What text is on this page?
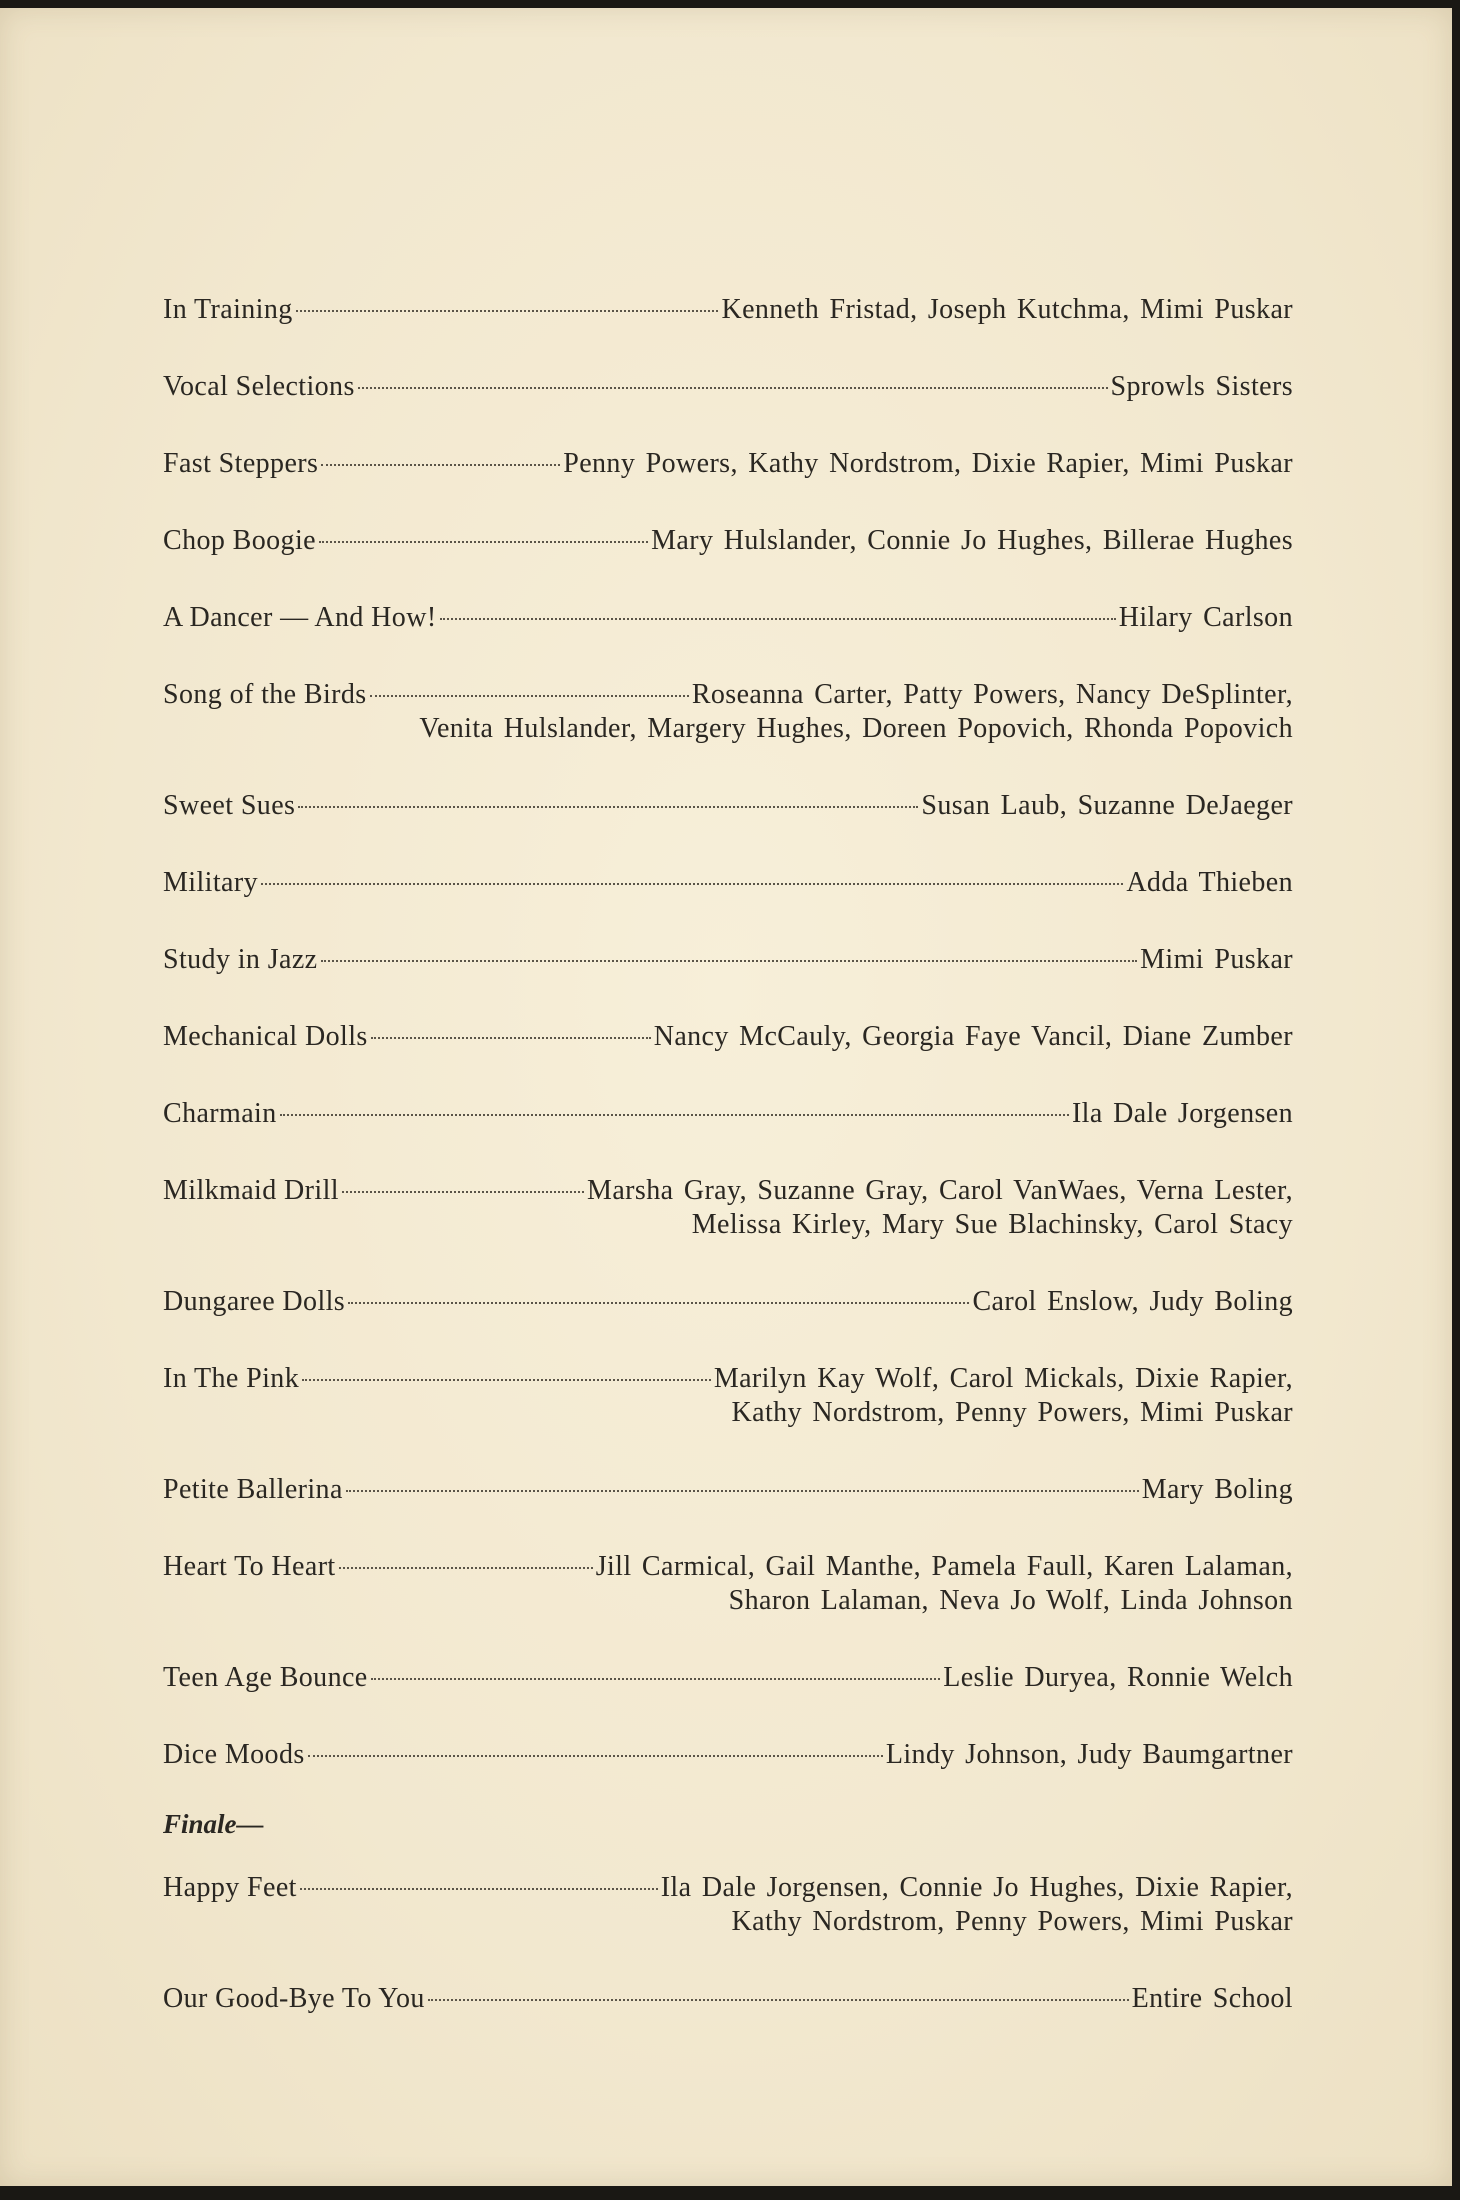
In Training	Kenneth Fristad, Joseph Kutchma, Mimi Puskar
Vocal Selections	Sprowls Sisters
Fast Steppers	Penny Powers, Kathy Nordstrom, Dixie Rapier, Mimi Puskar
Chop Boogie	Mary Hulslander, Connie Jo Hughes, Billerae Hughes
A Dancer — And How!	Hilary Carlson
Song of the Birds	Roseanna Carter, Patty Powers, Nancy DeSplinter,
Venita Hulslander, Margery Hughes, Doreen Popovich, Rhonda Popovich
Sweet Sues	Susan Laub, Suzanne DeJaeger
Military	Adda Thieben
Study in Jazz	Mimi Puskar
Mechanical Dolls	Nancy McCauly, Georgia Faye Vancil, Diane Zumber
Charmain	Ila Dale Jorgensen
Milkmaid Drill	Marsha Gray, Suzanne Gray, Carol VanWaes, Verna Lester,
Melissa Kirley, Mary Sue Blachinsky, Carol Stacy
Dungaree Dolls	Carol Enslow, Judy Boling
In The Pink	Marilyn Kay Wolf, Carol Mickals, Dixie Rapier,
Kathy Nordstrom, Penny Powers, Mimi Puskar
Petite Ballerina	Mary Boling
Heart To Heart	Jill Carmical, Gail Manthe, Pamela Faull, Karen Lalaman,
Sharon Lalaman, Neva Jo Wolf, Linda Johnson
Teen Age Bounce	Leslie Duryea, Ronnie Welch
Dice Moods	Lindy Johnson, Judy Baumgartner
Finale—
Happy Feet	Ila Dale Jorgensen, Connie Jo Hughes, Dixie Rapier,
Kathy Nordstrom, Penny Powers, Mimi Puskar
Our Good-Bye To You	Entire School
